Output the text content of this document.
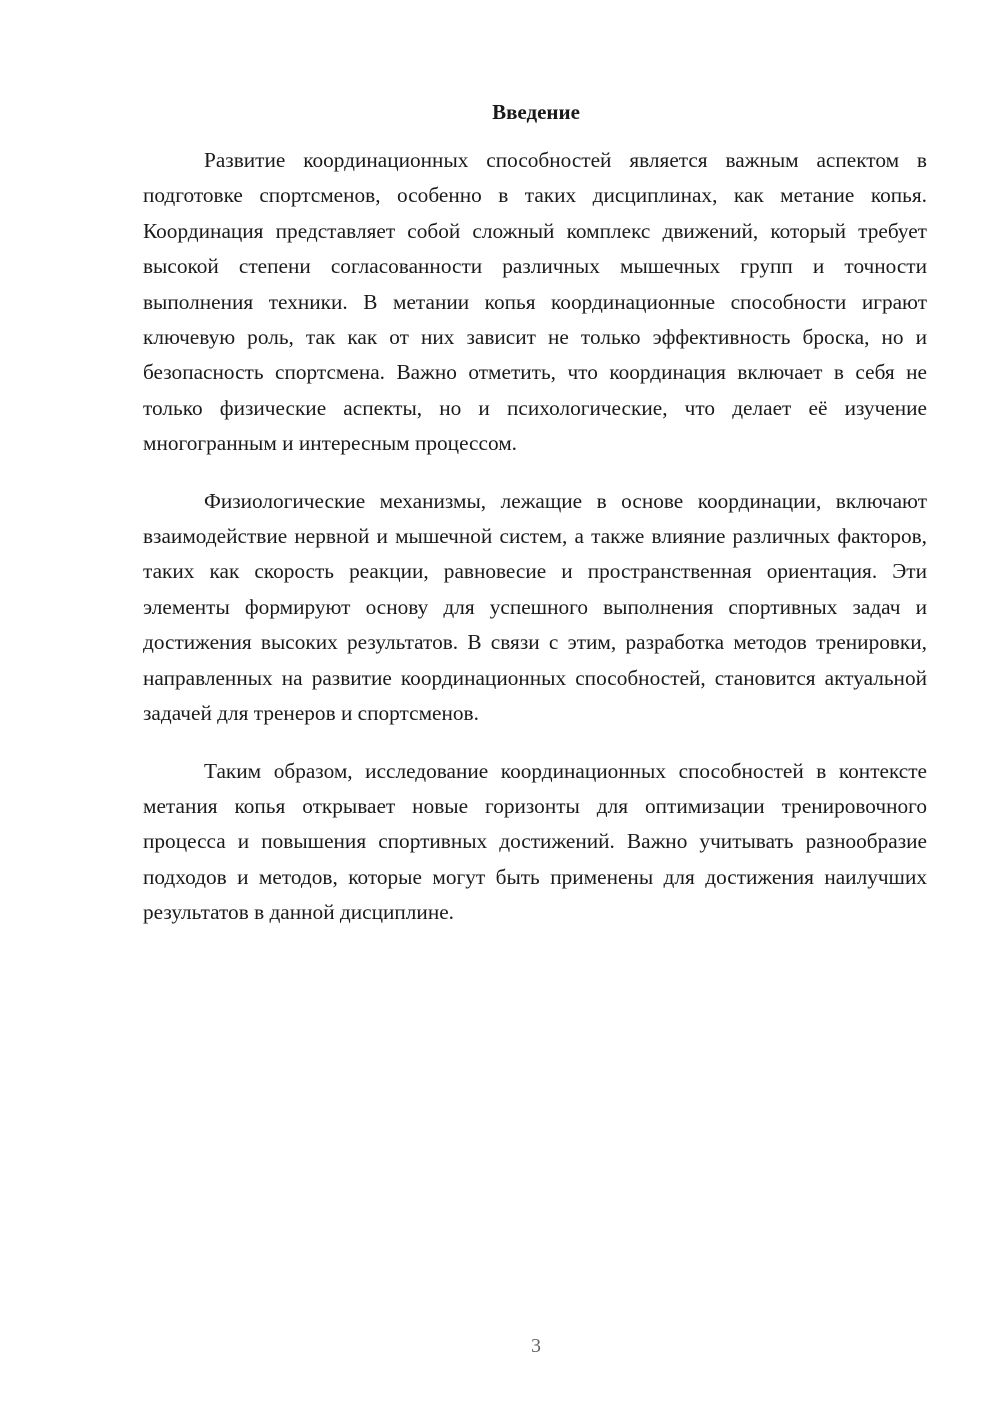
Введение

Развитие координационных способностей является важным аспектом в подготовке спортсменов, особенно в таких дисциплинах, как метание копья. Координация представляет собой сложный комплекс движений, который требует высокой степени согласованности различных мышечных групп и точности выполнения техники. В метании копья координационные способности играют ключевую роль, так как от них зависит не только эффективность броска, но и безопасность спортсмена. Важно отметить, что координация включает в себя не только физические аспекты, но и психологические, что делает её изучение многогранным и интересным процессом.

Физиологические механизмы, лежащие в основе координации, включают взаимодействие нервной и мышечной систем, а также влияние различных факторов, таких как скорость реакции, равновесие и пространственная ориентация. Эти элементы формируют основу для успешного выполнения спортивных задач и достижения высоких результатов. В связи с этим, разработка методов тренировки, направленных на развитие координационных способностей, становится актуальной задачей для тренеров и спортсменов.

Таким образом, исследование координационных способностей в контексте метания копья открывает новые горизонты для оптимизации тренировочного процесса и повышения спортивных достижений. Важно учитывать разнообразие подходов и методов, которые могут быть применены для достижения наилучших результатов в данной дисциплине.

3
